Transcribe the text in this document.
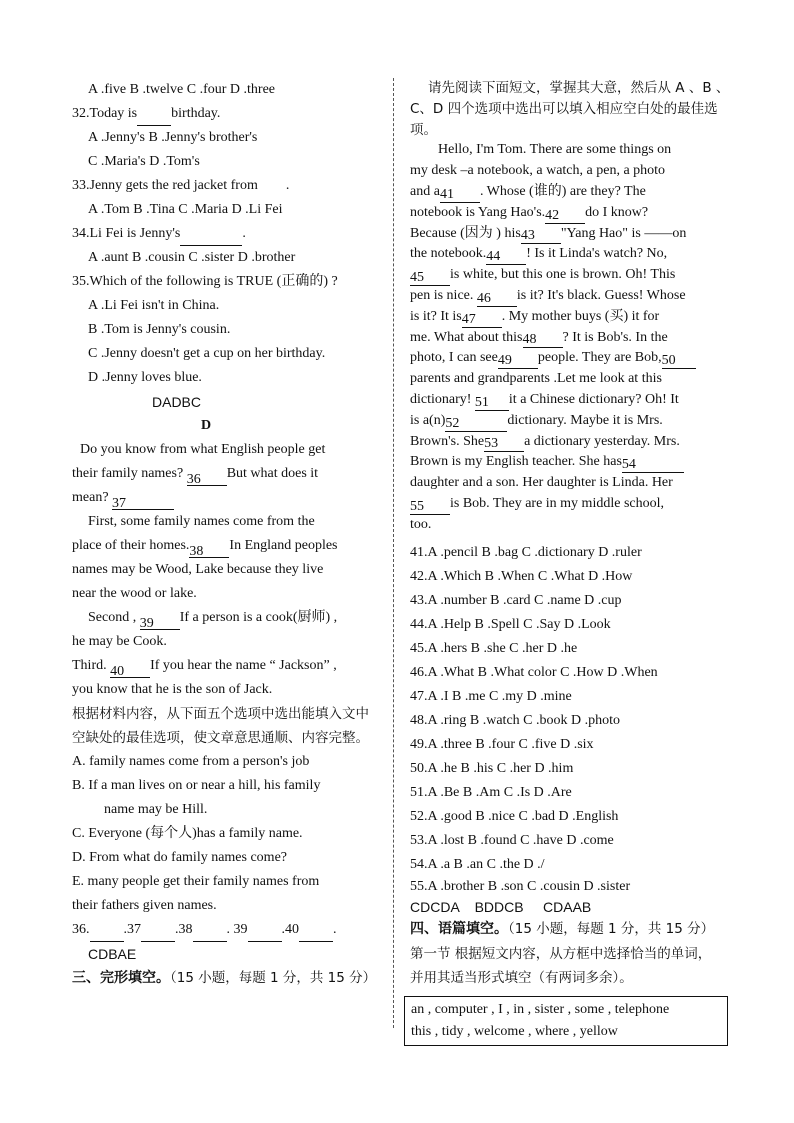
A .five B .twelve C .four D .three
32.Today is birthday.
A .Jenny's B .Jenny's brother's
C .Maria's D .Tom's
33.Jenny gets the red jacket from .
A .Tom B .Tina C .Maria D .Li Fei
34.Li Fei is Jenny's	.
A .aunt B .cousin C .sister D .brother
35.Which of the following is TRUE (正确的) ?
A .Li Fei isn't in China.
B .Tom is Jenny's cousin.
C .Jenny doesn't get a cup on her birthday.
D .Jenny loves blue.
DADBC
D
Do you know from what English people get
their family names? 36 But what does it
mean? 37
First, some family names come from the
place of their homes.38 In England peoples
names may be Wood, Lake because they live
near the wood or lake.
Second , 39 If a person is a cook(厨师) ,
he may be Cook.
Third. 40 If you hear the name “ Jackson” ,
you know that he is the son of Jack.
根据材料内容，从下面五个选项中选出能填入文中
空缺处的最佳选项，使文章意思通顺、内容完整。
A. family names come from a person's job
B. If a man lives on or near a hill, his family
name may be Hill.
C. Everyone (每个人)has a family name.
D. From what do family names come?
E. many people get their family names from
their fathers given names.
36. .37 .38 . 39 .40 .
CDBAE
三、完形填空。（15 小题，每题 1 分，共 15 分）
请先阅读下面短文，掌握其大意，然后从 A 、B 、
C、D 四个选项中选出可以填入相应空白处的最佳选
项。
Hello, I'm Tom. There are some things on
my desk –a notebook, a watch, a pen, a photo
and a41 . Whose (谁的) are they? The
notebook is Yang Hao's.42 do I know?
Because (因为 ) his43 "Yang Hao" is ——on
the notebook.44 ! Is it Linda's watch? No,
45 is white, but this one is brown. Oh! This
pen is nice. 46 is it? It's black. Guess! Whose
is it? It is47 . My mother buys (买) it for
me. What about this48 ? It is Bob's. In the
photo, I can see49 people. They are Bob,50
parents and grandparents .Let me look at this
dictionary! 51 it a Chinese dictionary? Oh! It
is a(n)52	dictionary. Maybe it is Mrs.
Brown's. She53 a dictionary yesterday. Mrs.
Brown is my English teacher. She has54
daughter and a son. Her daughter is Linda. Her
55 is Bob. They are in my middle school,
too.
41.A .pencil B .bag C .dictionary D .ruler
42.A .Which B .When C .What D .How
43.A .number B .card C .name D .cup
44.A .Help B .Spell C .Say D .Look
45.A .hers B .she C .her D .he
46.A .What B .What color C .How D .When
47.A .I B .me C .my D .mine
48.A .ring B .watch C .book D .photo
49.A .three B .four C .five D .six
50.A .he B .his C .her D .him
51.A .Be B .Am C .Is D .Are
52.A .good B .nice C .bad D .English
53.A .lost B .found C .have D .come
54.A .a B .an C .the D ./
55.A .brother B .son C .cousin D .sister
CDCDA    BDDCB     CDAAB
四、语篇填空。（15 小题，每题 1 分，共 15 分）
第一节 根据短文内容，从方框中选择恰当的单词，
并用其适当形式填空（有两词多余）。
an , computer , I , in , sister , some , telephone
this , tidy , welcome , where , yellow
